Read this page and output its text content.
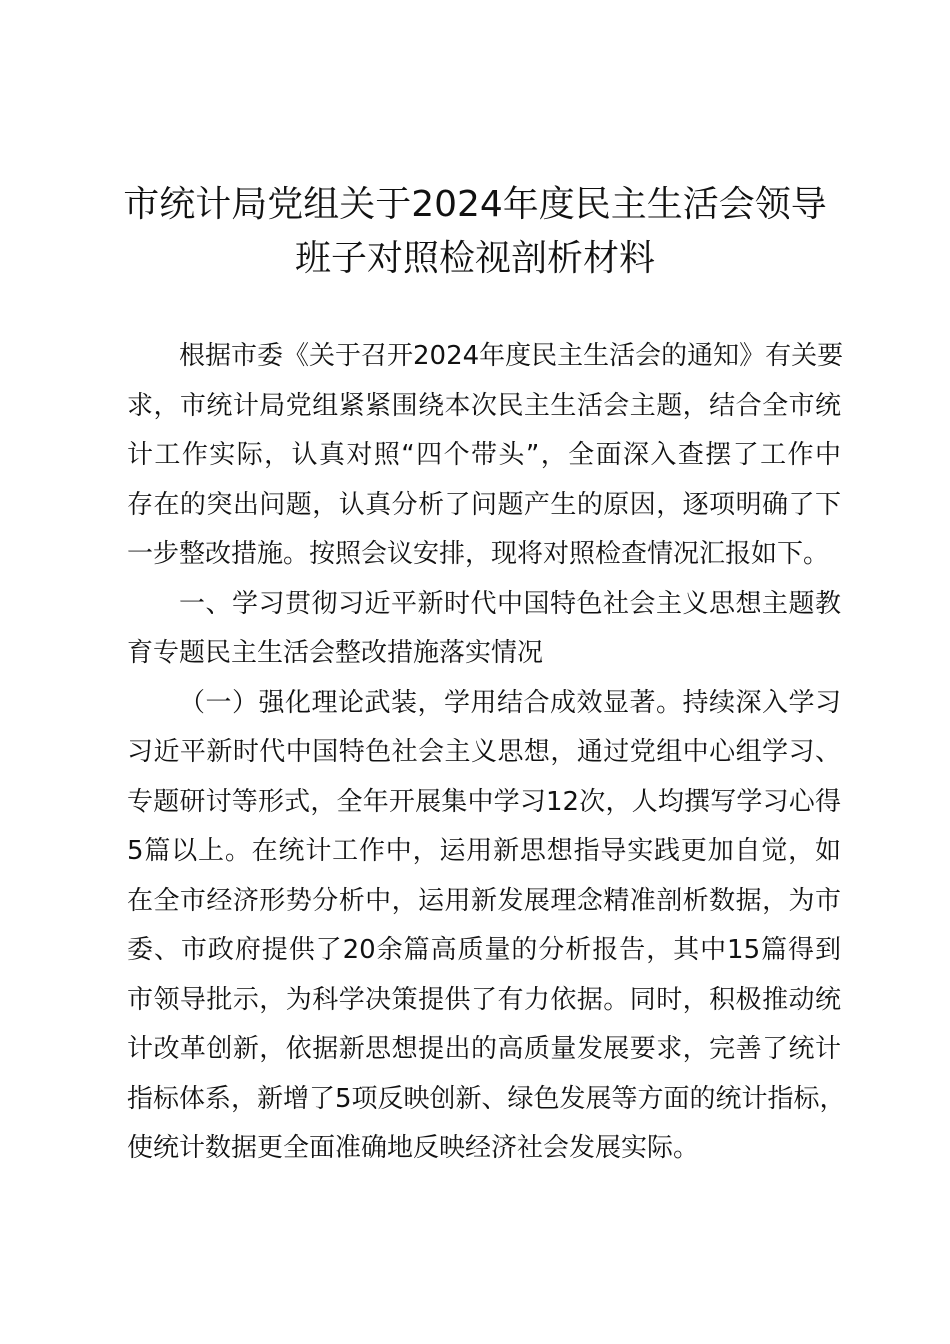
市统计局党组关于2024年度民主生活会领导
班子对照检视剖析材料

根据市委《关于召开2024年度民主生活会的通知》有关要
求，市统计局党组紧紧围绕本次民主生活会主题，结合全市统
计工作实际，认真对照“四个带头”，全面深入查摆了工作中
存在的突出问题，认真分析了问题产生的原因，逐项明确了下
一步整改措施。按照会议安排，现将对照检查情况汇报如下。

一、学习贯彻习近平新时代中国特色社会主义思想主题教
育专题民主生活会整改措施落实情况

（一）强化理论武装，学用结合成效显著。持续深入学习
习近平新时代中国特色社会主义思想，通过党组中心组学习、
专题研讨等形式，全年开展集中学习12次，人均撰写学习心得
5篇以上。在统计工作中，运用新思想指导实践更加自觉，如
在全市经济形势分析中，运用新发展理念精准剖析数据，为市
委、市政府提供了20余篇高质量的分析报告，其中15篇得到
市领导批示，为科学决策提供了有力依据。同时，积极推动统
计改革创新，依据新思想提出的高质量发展要求，完善了统计
指标体系，新增了5项反映创新、绿色发展等方面的统计指标，
使统计数据更全面准确地反映经济社会发展实际。
